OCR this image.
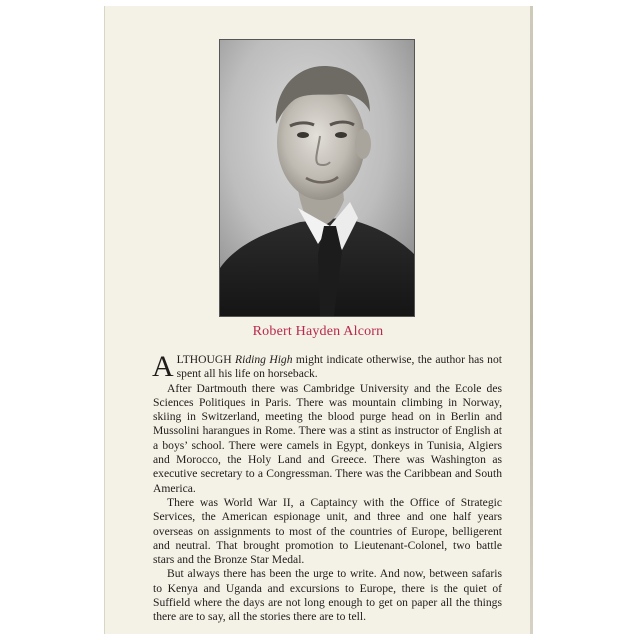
Robert Hayden Alcorn

ALTHOUGH Riding High might indicate otherwise, the author has not spent all his life on horseback.

After Dartmouth there was Cambridge University and the Ecole des Sciences Politiques in Paris. There was mountain climbing in Norway, skiing in Switzerland, meeting the blood purge head on in Berlin and Mussolini harangues in Rome. There was a stint as instructor of English at a boys’ school. There were camels in Egypt, donkeys in Tunisia, Algiers and Morocco, the Holy Land and Greece. There was Washington as executive secretary to a Congressman. There was the Caribbean and South America.

There was World War II, a Captaincy with the Office of Strategic Services, the American espionage unit, and three and one half years overseas on assignments to most of the countries of Europe, belligerent and neutral. That brought promotion to Lieutenant-Colonel, two battle stars and the Bronze Star Medal.

But always there has been the urge to write. And now, between safaris to Kenya and Uganda and excursions to Europe, there is the quiet of Suffield where the days are not long enough to get on paper all the things there are to say, all the stories there are to tell.
